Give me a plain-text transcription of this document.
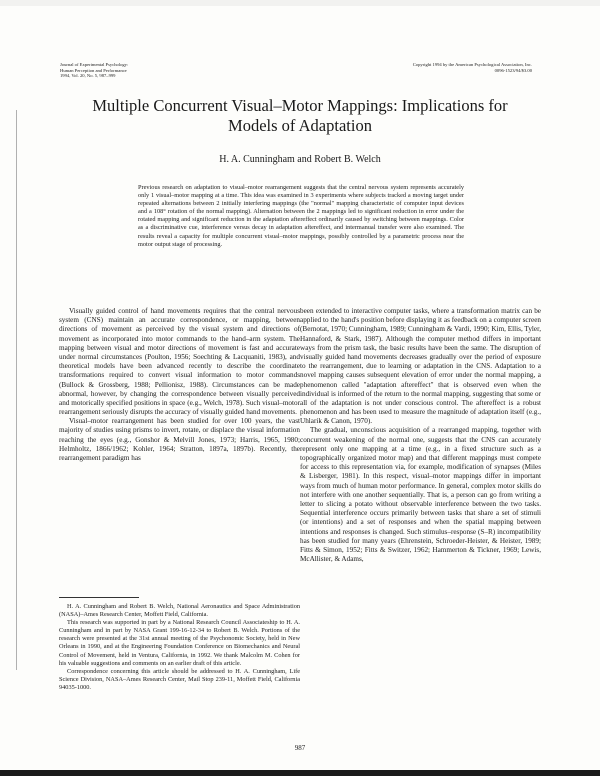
Journal of Experimental Psychology:
Human Perception and Performance
1994, Vol. 20, No. 5, 987–999
Copyright 1994 by the American Psychological Association, Inc.
0096-1523/94/$3.00
Multiple Concurrent Visual–Motor Mappings: Implications for
Models of Adaptation
H. A. Cunningham and Robert B. Welch
Previous research on adaptation to visual–motor rearrangement suggests that the central nervous system represents accurately only 1 visual–motor mapping at a time. This idea was examined in 3 experiments where subjects tracked a moving target under repeated alternations between 2 initially interfering mappings (the "normal" mapping characteristic of computer input devices and a 108° rotation of the normal mapping). Alternation between the 2 mappings led to significant reduction in error under the rotated mapping and significant reduction in the adaptation aftereffect ordinarily caused by switching between mappings. Color as a discriminative cue, interference versus decay in adaptation aftereffect, and intermanual transfer were also examined. The results reveal a capacity for multiple concurrent visual–motor mappings, possibly controlled by a parametric process near the motor output stage of processing.

Visually guided control of hand movements requires that the central nervous system (CNS) maintain an accurate correspondence, or mapping, between directions of movement as perceived by the visual system and directions of movement as incorporated into motor commands to the hand–arm system. The mapping between visual and motor directions of movement is fast and accurate under normal circumstances (Poulton, 1956; Soechting & Lacquaniti, 1983), and theoretical models have been advanced recently to describe the coordinate transformations required to convert visual information to motor commands (Bullock & Grossberg, 1988; Pellionisz, 1988). Circumstances can be made abnormal, however, by changing the correspondence between visually perceived and motorically specified positions in space (e.g., Welch, 1978). Such visual–motor rearrangement seriously disrupts the accuracy of visually guided hand movements.

Visual–motor rearrangement has been studied for over 100 years, the vast majority of studies using prisms to invert, rotate, or displace the visual information reaching the eyes (e.g., Gonshor & Melvill Jones, 1973; Harris, 1965, 1980; Helmholtz, 1866/1962; Kohler, 1964; Stratton, 1897a, 1897b). Recently, the rearrangement paradigm has

H. A. Cunningham and Robert B. Welch, National Aeronautics and Space Administration (NASA)–Ames Research Center, Moffett Field, California.

This research was supported in part by a National Research Council Associateship to H. A. Cunningham and in part by NASA Grant 199-16-12-34 to Robert B. Welch. Portions of the research were presented at the 31st annual meeting of the Psychonomic Society, held in New Orleans in 1990, and at the Engineering Foundation Conference on Biomechanics and Neural Control of Movement, held in Ventura, California, in 1992. We thank Malcolm M. Cohen for his valuable suggestions and comments on an earlier draft of this article.

Correspondence concerning this article should be addressed to H. A. Cunningham, Life Science Division, NASA–Ames Research Center, Mail Stop 239-11, Moffett Field, California 94035-1000.

been extended to interactive computer tasks, where a transformation matrix can be applied to the hand's position before displaying it as feedback on a computer screen (Bernotat, 1970; Cunningham, 1989; Cunningham & Vardi, 1990; Kim, Ellis, Tyler, Hannaford, & Stark, 1987). Although the computer method differs in important ways from the prism task, the basic results have been the same. The disruption of visually guided hand movements decreases gradually over the period of exposure to the rearrangement, due to learning or adaptation in the CNS. Adaptation to a novel mapping causes subsequent elevation of error under the normal mapping, a phenomenon called "adaptation aftereffect" that is observed even when the individual is informed of the return to the normal mapping, suggesting that some or all of the adaptation is not under conscious control. The aftereffect is a robust phenomenon and has been used to measure the magnitude of adaptation itself (e.g., Uhlarik & Canon, 1970).

The gradual, unconscious acquisition of a rearranged mapping, together with concurrent weakening of the normal one, suggests that the CNS can accurately represent only one mapping at a time (e.g., in a fixed structure such as a topographically organized motor map) and that different mappings must compete for access to this representation via, for example, modification of synapses (Miles & Lisberger, 1981). In this respect, visual–motor mappings differ in important ways from much of human motor performance. In general, complex motor skills do not interfere with one another sequentially. That is, a person can go from writing a letter to slicing a potato without observable interference between the two tasks. Sequential interference occurs primarily between tasks that share a set of stimuli (or intentions) and a set of responses and when the spatial mapping between intentions and responses is changed. Such stimulus–response (S–R) incompatibility has been studied for many years (Ehrenstein, Schroeder-Heister, & Heister, 1989; Fitts & Simon, 1952; Fitts & Switzer, 1962; Hammerton & Tickner, 1969; Lewis, McAllister, & Adams,

987
